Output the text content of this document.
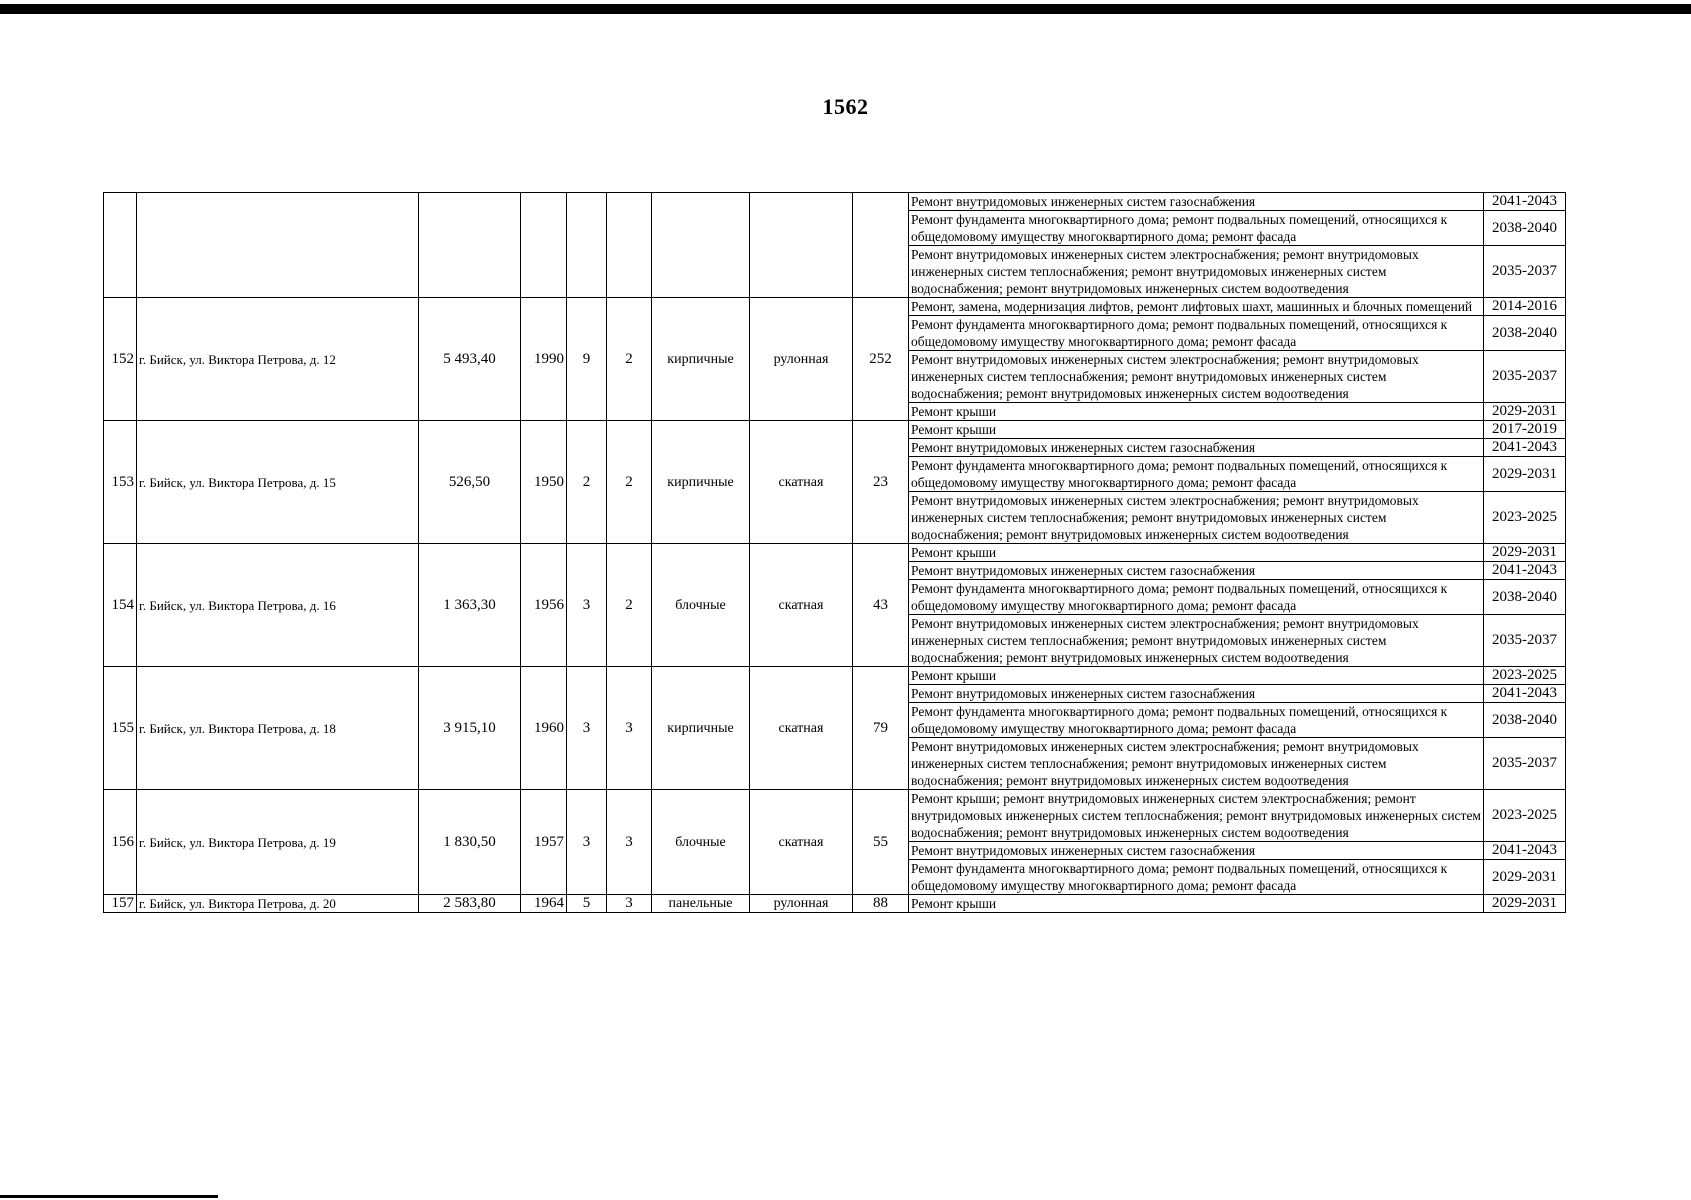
1562
									Ремонт внутридомовых инженерных систем газоснабжения	2041-2043
									Ремонт фундамента многоквартирного дома; ремонт подвальных помещений, относящихся к общедомовому имуществу многоквартирного дома; ремонт фасада	2038-2040
									Ремонт внутридомовых инженерных систем электроснабжения; ремонт внутридомовых инженерных систем теплоснабжения; ремонт внутридомовых инженерных систем водоснабжения; ремонт внутридомовых инженерных систем водоотведения	2035-2037
152	г. Бийск, ул. Виктора Петрова, д. 12	5 493,40	1990	9	2	кирпичные	рулонная	252	Ремонт, замена, модернизация лифтов, ремонт лифтовых шахт, машинных и блочных помещений	2014-2016
									Ремонт фундамента многоквартирного дома; ремонт подвальных помещений, относящихся к общедомовому имуществу многоквартирного дома; ремонт фасада	2038-2040
									Ремонт внутридомовых инженерных систем электроснабжения; ремонт внутридомовых инженерных систем теплоснабжения; ремонт внутридомовых инженерных систем водоснабжения; ремонт внутридомовых инженерных систем водоотведения	2035-2037
									Ремонт крыши	2029-2031
153	г. Бийск, ул. Виктора Петрова, д. 15	526,50	1950	2	2	кирпичные	скатная	23	Ремонт крыши	2017-2019
									Ремонт внутридомовых инженерных систем газоснабжения	2041-2043
									Ремонт фундамента многоквартирного дома; ремонт подвальных помещений, относящихся к общедомовому имуществу многоквартирного дома; ремонт фасада	2029-2031
									Ремонт внутридомовых инженерных систем электроснабжения; ремонт внутридомовых инженерных систем теплоснабжения; ремонт внутридомовых инженерных систем водоснабжения; ремонт внутридомовых инженерных систем водоотведения	2023-2025
154	г. Бийск, ул. Виктора Петрова, д. 16	1 363,30	1956	3	2	блочные	скатная	43	Ремонт крыши	2029-2031
									Ремонт внутридомовых инженерных систем газоснабжения	2041-2043
									Ремонт фундамента многоквартирного дома; ремонт подвальных помещений, относящихся к общедомовому имуществу многоквартирного дома; ремонт фасада	2038-2040
									Ремонт внутридомовых инженерных систем электроснабжения; ремонт внутридомовых инженерных систем теплоснабжения; ремонт внутридомовых инженерных систем водоснабжения; ремонт внутридомовых инженерных систем водоотведения	2035-2037
155	г. Бийск, ул. Виктора Петрова, д. 18	3 915,10	1960	3	3	кирпичные	скатная	79	Ремонт крыши	2023-2025
									Ремонт внутридомовых инженерных систем газоснабжения	2041-2043
									Ремонт фундамента многоквартирного дома; ремонт подвальных помещений, относящихся к общедомовому имуществу многоквартирного дома; ремонт фасада	2038-2040
									Ремонт внутридомовых инженерных систем электроснабжения; ремонт внутридомовых инженерных систем теплоснабжения; ремонт внутридомовых инженерных систем водоснабжения; ремонт внутридомовых инженерных систем водоотведения	2035-2037
156	г. Бийск, ул. Виктора Петрова, д. 19	1 830,50	1957	3	3	блочные	скатная	55	Ремонт крыши; ремонт внутридомовых инженерных систем электроснабжения; ремонт внутридомовых инженерных систем теплоснабжения; ремонт внутридомовых инженерных систем водоснабжения; ремонт внутридомовых инженерных систем водоотведения	2023-2025
									Ремонт внутридомовых инженерных систем газоснабжения	2041-2043
									Ремонт фундамента многоквартирного дома; ремонт подвальных помещений, относящихся к общедомовому имуществу многоквартирного дома; ремонт фасада	2029-2031
157	г. Бийск, ул. Виктора Петрова, д. 20	2 583,80	1964	5	3	панельные	рулонная	88	Ремонт крыши	2029-2031
